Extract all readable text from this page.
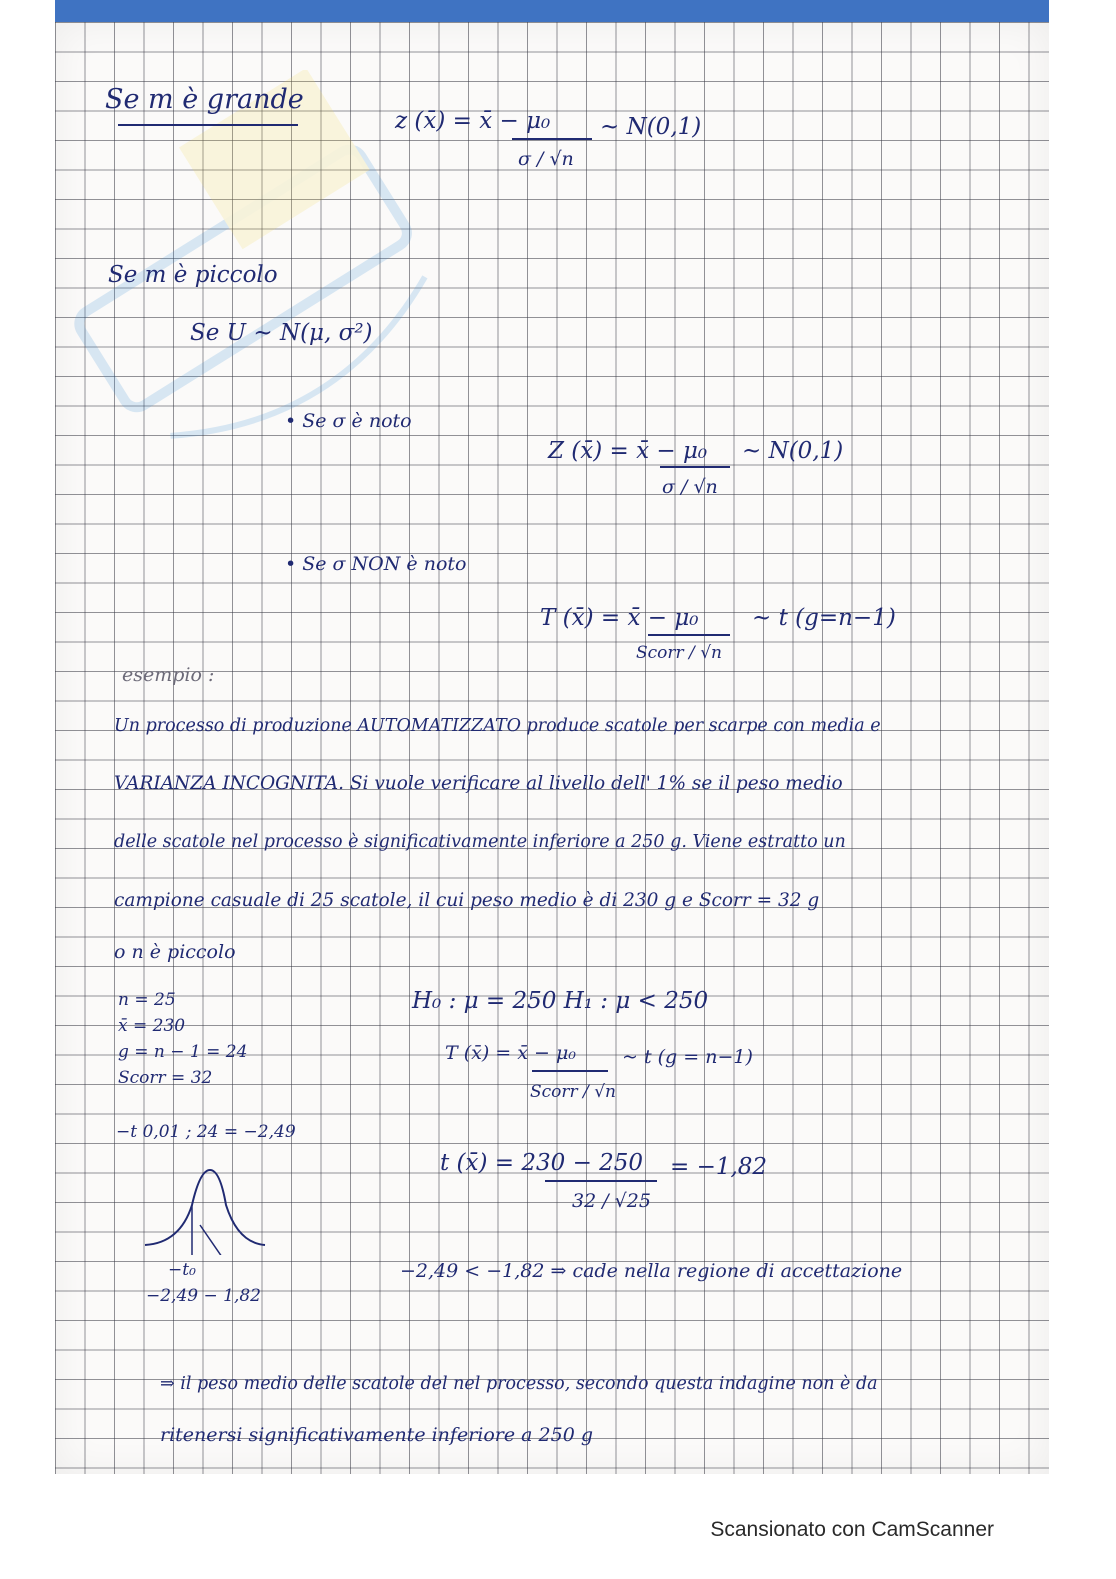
Se m è grande
z (x̄) = x̄ − μ₀
σ / √n
~ N(0,1)
Se m è piccolo
Se U ~ N(μ, σ²)
• Se σ è noto
Z (x̄) = x̄ − μ₀
σ / √n
~ N(0,1)
• Se σ NON è noto
T (x̄) = x̄ − μ₀
Scorr / √n
~ t (g=n−1)
esempio :
Un processo di produzione AUTOMATIZZATO produce scatole per scarpe con media e
VARIANZA INCOGNITA. Si vuole verificare al livello dell' 1% se il peso medio
delle scatole nel processo è significativamente inferiore a 250 g. Viene estratto un
campione casuale di 25 scatole, il cui peso medio è di 230 g e Scorr = 32 g
o n è piccolo
n = 25
x̄ = 230
g = n − 1 = 24
Scorr = 32
−t 0,01 ; 24 = −2,49
H₀ : μ = 250 H₁ : μ < 250
T (x̄) = x̄ − μ₀
Scorr / √n
~ t (g = n−1)
t (x̄) = 230 − 250
32 / √25
= −1,82
−t₀
−2,49 − 1,82
−2,49 < −1,82 ⇒ cade nella regione di accettazione
⇒ il peso medio delle scatole del nel processo, secondo questa indagine non è da
ritenersi significativamente inferiore a 250 g
Scansionato con CamScanner
